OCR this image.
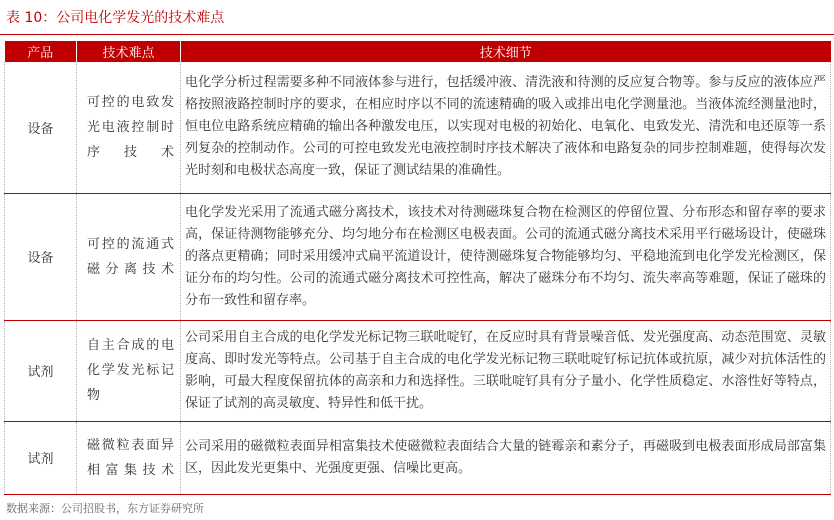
表 10：公司电化学发光的技术难点
产品	技术难点	技术细节
设备	可控的电致发光电液控制时序技术	电化学分析过程需要多种不同液体参与进行，包括缓冲液、清洗液和待测的反应复合物等。参与反应的液体应严格按照液路控制时序的要求，在相应时序以不同的流速精确的吸入或排出电化学测量池。当液体流经测量池时，恒电位电路系统应精确的输出各种激发电压，以实现对电极的初始化、电氧化、电致发光、清洗和电还原等一系列复杂的控制动作。公司的可控电致发光电液控制时序技术解决了液体和电路复杂的同步控制难题，使得每次发光时刻和电极状态高度一致，保证了测试结果的准确性。
设备	可控的流通式磁分离技术	电化学发光采用了流通式磁分离技术，该技术对待测磁珠复合物在检测区的停留位置、分布形态和留存率的要求高，保证待测物能够充分、均匀地分布在检测区电极表面。公司的流通式磁分离技术采用平行磁场设计，使磁珠的落点更精确；同时采用缓冲式扁平流道设计，使待测磁珠复合物能够均匀、平稳地流到电化学发光检测区，保证分布的均匀性。公司的流通式磁分离技术可控性高，解决了磁珠分布不均匀、流失率高等难题，保证了磁珠的分布一致性和留存率。
试剂	自主合成的电化学发光标记物	公司采用自主合成的电化学发光标记物三联吡啶钌，在反应时具有背景噪音低、发光强度高、动态范围宽、灵敏度高、即时发光等特点。公司基于自主合成的电化学发光标记物三联吡啶钌标记抗体或抗原，减少对抗体活性的影响，可最大程度保留抗体的高亲和力和选择性。三联吡啶钌具有分子量小、化学性质稳定、水溶性好等特点，保证了试剂的高灵敏度、特异性和低干扰。
试剂	磁微粒表面异相富集技术	公司采用的磁微粒表面异相富集技术使磁微粒表面结合大量的链霉亲和素分子，再磁吸到电极表面形成局部富集区，因此发光更集中、光强度更强、信噪比更高。
数据来源：公司招股书，东方证券研究所
